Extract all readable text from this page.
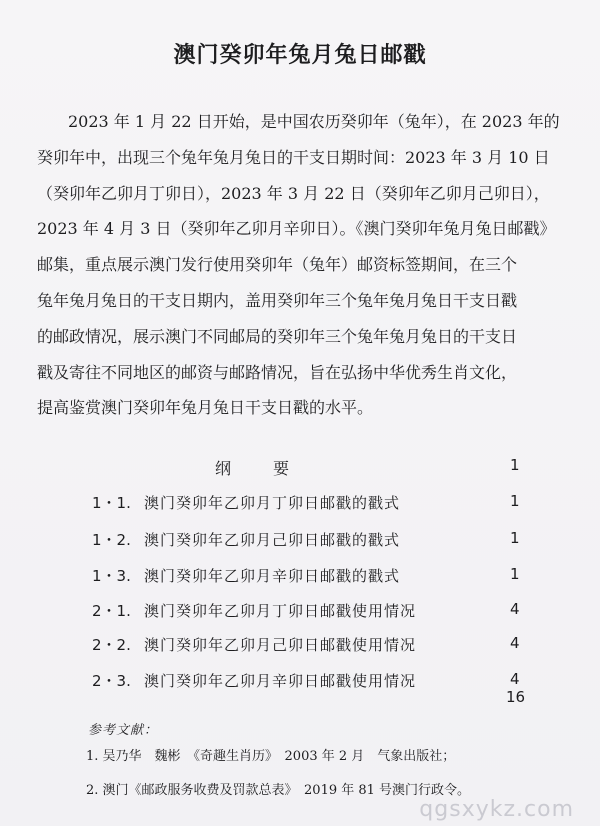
澳门癸卯年兔月兔日邮戳
2023 年 1 月 22 日开始，是中国农历癸卯年（兔年），在 2023 年的
癸卯年中，出现三个兔年兔月兔日的干支日期时间：2023 年 3 月 10 日
（癸卯年乙卯月丁卯日），2023 年 3 月 22 日（癸卯年乙卯月己卯日），
2023 年 4 月 3 日（癸卯年乙卯月辛卯日）。《澳门癸卯年兔月兔日邮戳》
邮集，重点展示澳门发行使用癸卯年（兔年）邮资标签期间，在三个
兔年兔月兔日的干支日期内，盖用癸卯年三个兔年兔月兔日干支日戳
的邮政情况，展示澳门不同邮局的癸卯年三个兔年兔月兔日的干支日
戳及寄往不同地区的邮资与邮路情况，旨在弘扬中华优秀生肖文化，
提高鉴赏澳门癸卯年兔月兔日干支日戳的水平。
纲要	1
1・1. 澳门癸卯年乙卯月丁卯日邮戳的戳式	1
1・2. 澳门癸卯年乙卯月己卯日邮戳的戳式	1
1・3. 澳门癸卯年乙卯月辛卯日邮戳的戳式	1
2・1. 澳门癸卯年乙卯月丁卯日邮戳使用情况	4
2・2. 澳门癸卯年乙卯月己卯日邮戳使用情况	4
2・3. 澳门癸卯年乙卯月辛卯日邮戳使用情况	4
16
参考文献：
1. 吴乃华　魏彬　《奇趣生肖历》　2003 年 2 月　气象出版社；
2. 澳门《邮政服务收费及罚款总表》　2019 年 81 号澳门行政令。
qgsxykz.com
